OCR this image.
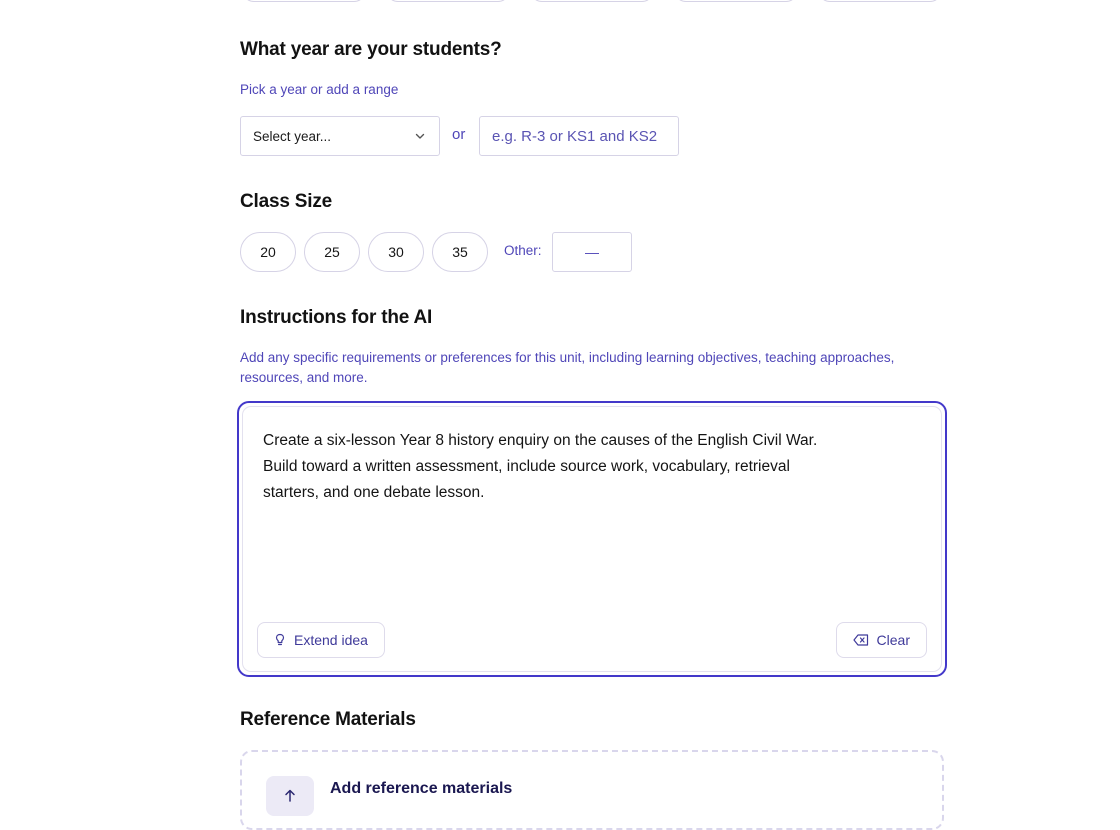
What year are your students?
Pick a year or add a range
Select year...	or
e.g. R-3 or KS1 and KS2
Class Size
20	25	30	35	Other:
—
Instructions for the AI
Add any specific requirements or preferences for this unit, including learning objectives, teaching approaches, resources, and more.
Create a six-lesson Year 8 history enquiry on the causes of the English Civil War.
Build toward a written assessment, include source work, vocabulary, retrieval
starters, and one debate lesson.
Extend idea	Clear
Reference Materials
Add reference materials
